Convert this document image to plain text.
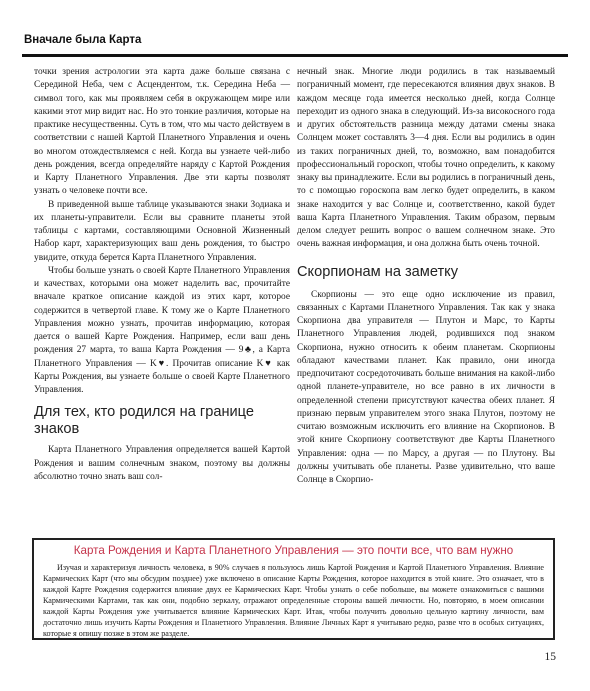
Вначале была Карта

точки зрения астрологии эта карта даже больше связана с Серединой Неба, чем с Асцендентом, т.к. Середина Неба — символ того, как мы проявляем себя в окружающем мире или какими этот мир видит нас. Но это тонкие различия, которые на практике несущественны. Суть в том, что мы часто действуем в соответствии с нашей Картой Планетного Управления и очень во многом отождествляемся с ней. Когда вы узнаете чей-либо день рождения, всегда определяйте наряду с Картой Рождения и Карту Планетного Управления. Две эти карты позволят узнать о человеке почти все.

В приведенной выше таблице указываются знаки Зодиака и их планеты-управители. Если вы сравните планеты этой таблицы с картами, составляющими Основной Жизненный Набор карт, характеризующих ваш день рождения, то быстро увидите, откуда берется Карта Планетного Управления.

Чтобы больше узнать о своей Карте Планетного Управления и качествах, которыми она может наделить вас, прочитайте вначале краткое описание каждой из этих карт, которое содержится в четвертой главе. К тому же о Карте Планетного Управления можно узнать, прочитав информацию, которая дается о вашей Карте Рождения. Например, если ваш день рождения 27 марта, то ваша Карта Рождения — 9♣, а Карта Планетного Управления — K♥. Прочитав описание K♥ как Карты Рождения, вы узнаете больше о своей Карте Планетного Управления.

Для тех, кто родился на границе знаков

Карта Планетного Управления определяется вашей Картой Рождения и вашим солнечным знаком, поэтому вы должны абсолютно точно знать ваш сол-

нечный знак. Многие люди родились в так называемый пограничный момент, где пересекаются влияния двух знаков. В каждом месяце года имеется несколько дней, когда Солнце переходит из одного знака в следующий. Из-за високосного года и других обстоятельств разница между датами смены знака Солнцем может составлять 3—4 дня. Если вы родились в один из таких пограничных дней, то, возможно, вам понадобится профессиональный гороскоп, чтобы точно определить, к какому знаку вы принадлежите. Если вы родились в пограничный день, то с помощью гороскопа вам легко будет определить, в каком знаке находится у вас Солнце и, соответственно, какой будет ваша Карта Планетного Управления. Таким образом, первым делом следует решить вопрос о вашем солнечном знаке. Это очень важная информация, и она должна быть очень точной.

Скорпионам на заметку

Скорпионы — это еще одно исключение из правил, связанных с Картами Планетного Управления. Так как у знака Скорпиона два управителя — Плутон и Марс, то Карты Планетного Управления людей, родившихся под знаком Скорпиона, нужно относить к обеим планетам. Скорпионы обладают качествами планет. Как правило, они иногда предпочитают сосредоточивать больше внимания на какой-либо одной планете-управителе, но все равно в их личности в определенной степени присутствуют качества обеих планет. Я признаю первым управителем этого знака Плутон, поэтому не считаю возможным исключить его влияние на Скорпионов. В этой книге Скорпиону соответствуют две Карты Планетного Управления: одна — по Марсу, а другая — по Плутону. Вы должны учитывать обе планеты. Разве удивительно, что ваше Солнце в Скорпио-

Карта Рождения и Карта Планетного Управления — это почти все, что вам нужно
Изучая и характеризуя личность человека, в 90% случаев я пользуюсь лишь Картой Рождения и Картой Планетного Управления. Влияние Кармических Карт (что мы обсудим позднее) уже включено в описание Карты Рождения, которое находится в этой книге. Это означает, что в каждой Карте Рождения содержится влияние двух ее Кармических Карт. Чтобы узнать о себе побольше, вы можете ознакомиться с вашими Кармическими Картами, так как они, подобно зеркалу, отражают определенные стороны вашей личности. Но, повторяю, в моем описании каждой Карты Рождения уже учитывается влияние Кармических Карт. Итак, чтобы получить довольно цельную картину личности, вам достаточно лишь изучить Карты Рождения и Планетного Управления. Влияние Личных Карт я учитываю редко, разве что в особых ситуациях, которые я опишу позже в этом же разделе.
15
